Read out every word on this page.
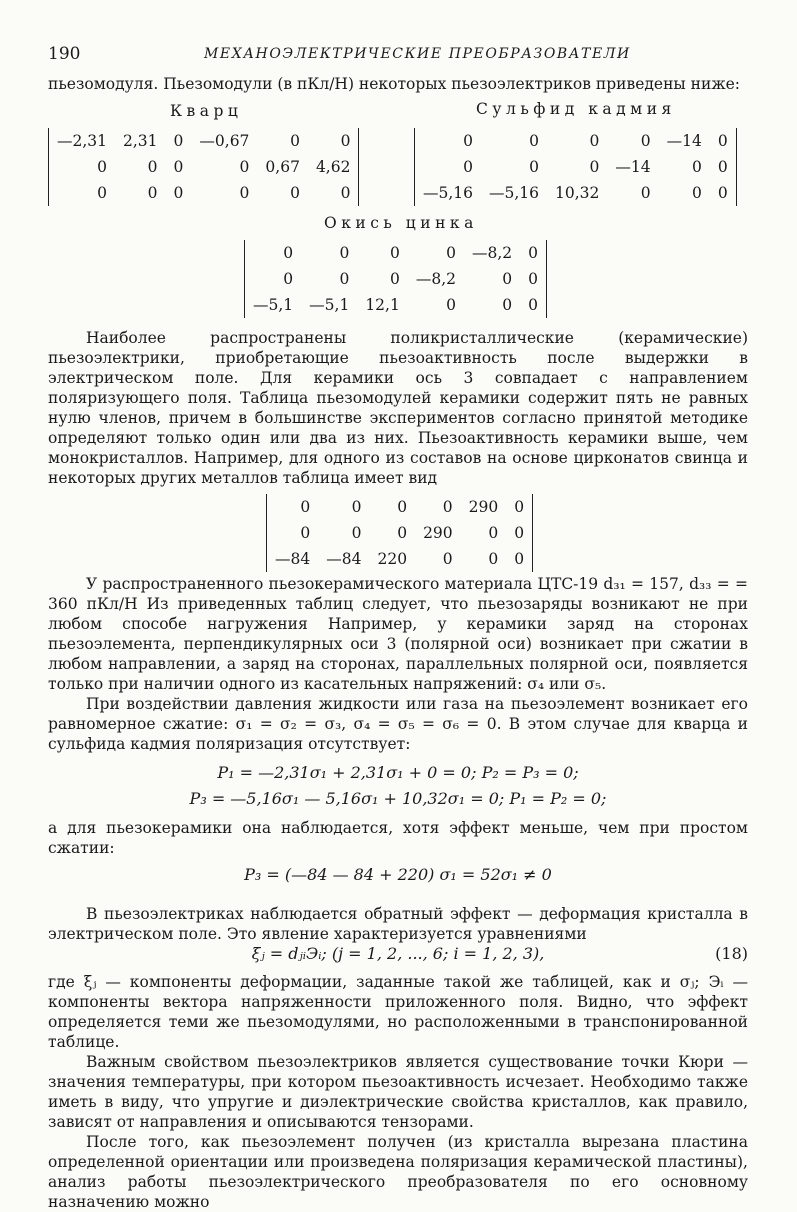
190	МЕХАНОЭЛЕКТРИЧЕСКИЕ ПРЕОБРАЗОВАТЕЛИ

пьезомодуля. Пьезомодули (в пКл/Н) некоторых пьезоэлектриков приведены ниже:

Кварц
—2,31	2,31	0	—0,67	0	0
0	0	0	0	0,67	4,62
0	0	0	0	0	0
Сульфид кадмия
0	0	0	0	—14	0
0	0	0	—14	0	0
—5,16	—5,16	10,32	0	0	0
Окись цинка
0	0	0	0	—8,2	0
0	0	0	—8,2	0	0
—5,1	—5,1	12,1	0	0	0

Наиболее распространены поликристаллические (керамические) пьезоэлектрики, приобретающие пьезоактивность после выдержки в электрическом поле. Для керамики ось 3 совпадает с направлением поляризующего поля. Таблица пьезомодулей керамики содержит пять не равных нулю членов, причем в большинстве экспериментов согласно принятой методике определяют только один или два из них. Пьезоактивность керамики выше, чем монокристаллов. Например, для одного из составов на основе цирконатов свинца и некоторых других металлов таблица имеет вид

0	0	0	0	290	0
0	0	0	290	0	0
—84	—84	220	0	0	0

У распространенного пьезокерамического материала ЦТС-19 d₃₁ = 157, d₃₃ = = 360 пКл/Н Из приведенных таблиц следует, что пьезозаряды возникают не при любом способе нагружения Например, у керамики заряд на сторонах пьезоэлемента, перпендикулярных оси 3 (полярной оси) возникает при сжатии в любом направлении, а заряд на сторонах, параллельных полярной оси, появляется только при наличии одного из касательных напряжений: σ₄ или σ₅.

При воздействии давления жидкости или газа на пьезоэлемент возникает его равномерное сжатие: σ₁ = σ₂ = σ₃, σ₄ = σ₅ = σ₆ = 0. В этом случае для кварца и сульфида кадмия поляризация отсутствует:

P₁ = —2,31σ₁ + 2,31σ₁ + 0 = 0; P₂ = P₃ = 0;
P₃ = —5,16σ₁ — 5,16σ₁ + 10,32σ₁ = 0; P₁ = P₂ = 0;

а для пьезокерамики она наблюдается, хотя эффект меньше, чем при простом сжатии:

P₃ = (—84 — 84 + 220) σ₁ = 52σ₁ ≠ 0

В пьезоэлектриках наблюдается обратный эффект — деформация кристалла в электрическом поле. Это явление характеризуется уравнениями

ξⱼ = dⱼᵢЭᵢ; (j = 1, 2, ..., 6; i = 1, 2, 3),	(18)

где ξⱼ — компоненты деформации, заданные такой же таблицей, как и σⱼ; Эᵢ — компоненты вектора напряженности приложенного поля. Видно, что эффект определяется теми же пьезомодулями, но расположенными в транспонированной таблице.

Важным свойством пьезоэлектриков является существование точки Кюри — значения температуры, при котором пьезоактивность исчезает. Необходимо также иметь в виду, что упругие и диэлектрические свойства кристаллов, как правило, зависят от направления и описываются тензорами.

После того, как пьезоэлемент получен (из кристалла вырезана пластина определенной ориентации или произведена поляризация керамической пластины), анализ работы пьезоэлектрического преобразователя по его основному назначению можно
